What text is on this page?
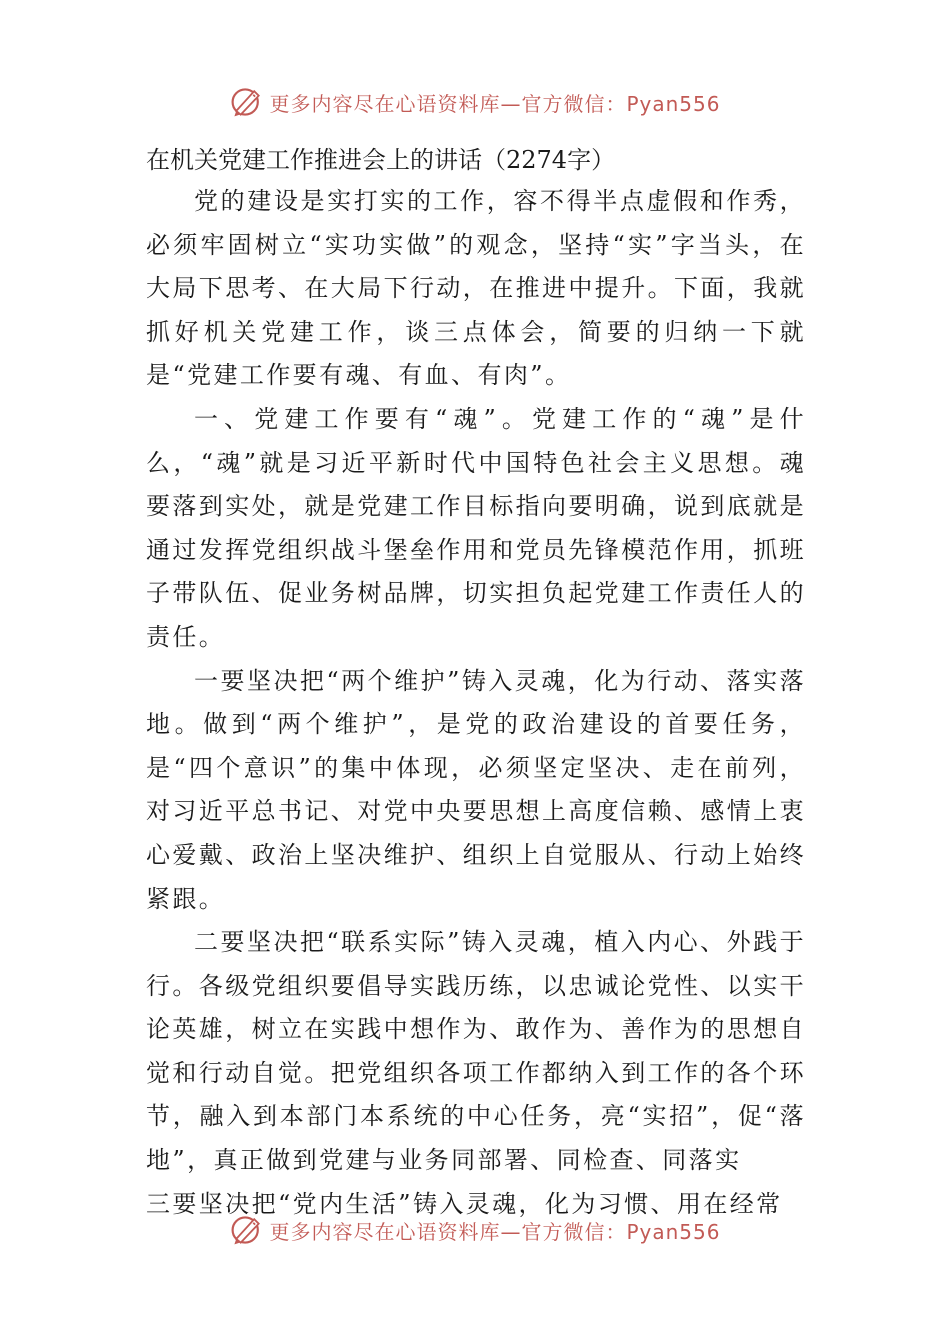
更多内容尽在心语资料库—官方微信：Pyan556

在机关党建工作推进会上的讲话（2274字）

党的建设是实打实的工作，容不得半点虚假和作秀，必须牢固树立“实功实做”的观念，坚持“实”字当头，在大局下思考、在大局下行动，在推进中提升。下面，我就抓好机关党建工作，谈三点体会，简要的归纳一下就是“党建工作要有魂、有血、有肉”。

一、党建工作要有“魂”。党建工作的“魂”是什么，“魂”就是习近平新时代中国特色社会主义思想。魂要落到实处，就是党建工作目标指向要明确，说到底就是通过发挥党组织战斗堡垒作用和党员先锋模范作用，抓班子带队伍、促业务树品牌，切实担负起党建工作责任人的责任。

一要坚决把“两个维护”铸入灵魂，化为行动、落实落地。做到“两个维护”，是党的政治建设的首要任务，是“四个意识”的集中体现，必须坚定坚决、走在前列，对习近平总书记、对党中央要思想上高度信赖、感情上衷心爱戴、政治上坚决维护、组织上自觉服从、行动上始终紧跟。

二要坚决把“联系实际”铸入灵魂，植入内心、外践于行。各级党组织要倡导实践历练，以忠诚论党性、以实干论英雄，树立在实践中想作为、敢作为、善作为的思想自觉和行动自觉。把党组织各项工作都纳入到工作的各个环节，融入到本部门本系统的中心任务，亮“实招”，促“落地”，真正做到党建与业务同部署、同检查、同落实

三要坚决把“党内生活”铸入灵魂，化为习惯、用在经常

更多内容尽在心语资料库—官方微信：Pyan556
